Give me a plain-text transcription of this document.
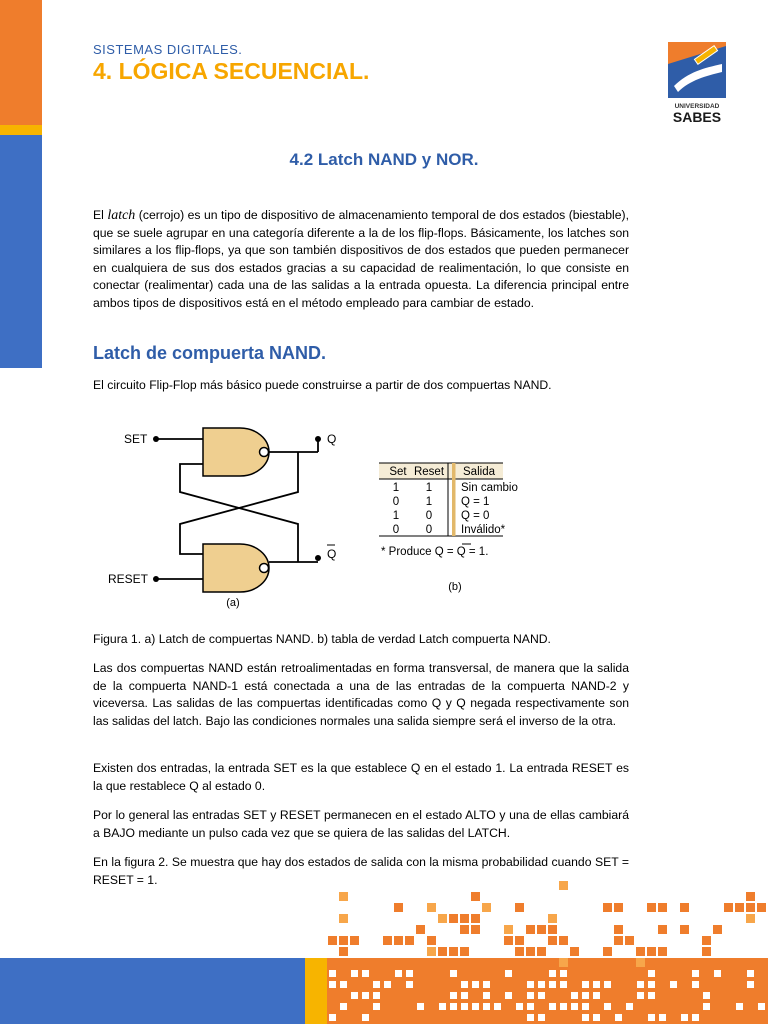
SISTEMAS DIGITALES.
4. LÓGICA SECUENCIAL.
UNIVERSIDAD
SABES
4.2 Latch NAND y NOR.
El latch (cerrojo) es un tipo de dispositivo de almacenamiento temporal de dos estados (biestable), que se suele agrupar en una categoría diferente a la de los flip-flops. Básicamente, los latches son similares a los flip-flops, ya que son también dispositivos de dos estados que pueden permanecer en cualquiera de sus dos estados gracias a su capacidad de realimentación, lo que consiste en conectar (realimentar) cada una de las salidas a la entrada opuesta. La diferencia principal entre ambos tipos de dispositivos está en el método empleado para cambiar de estado.
Latch de compuerta NAND.
El circuito Flip-Flop más básico puede construirse a partir de dos compuertas NAND.
SET
RESET
Q
Q
(a)
Set Reset Salida
1 1	Sin cambio
0 1	Q = 1
1 0	Q = 0
0 0	Inválido*
* Produce Q = Q = 1.
(b)
Figura 1. a) Latch de compuertas NAND. b) tabla de verdad Latch compuerta NAND.
Las dos compuertas NAND están retroalimentadas en forma transversal, de manera que la salida de la compuerta NAND-1 está conectada a una de las entradas de la compuerta NAND-2 y viceversa. Las salidas de las compuertas identificadas como Q y Q negada respectivamente son las salidas del latch. Bajo las condiciones normales una salida siempre será el inverso de la otra.
Existen dos entradas, la entrada SET es la que establece Q en el estado 1. La entrada RESET es la que restablece Q al estado 0.
Por lo general las entradas SET y RESET permanecen en el estado ALTO y una de ellas cambiará a BAJO mediante un pulso cada vez que se quiera de las salidas del LATCH.
En la figura 2. Se muestra que hay dos estados de salida con la misma probabilidad cuando SET = RESET = 1.
